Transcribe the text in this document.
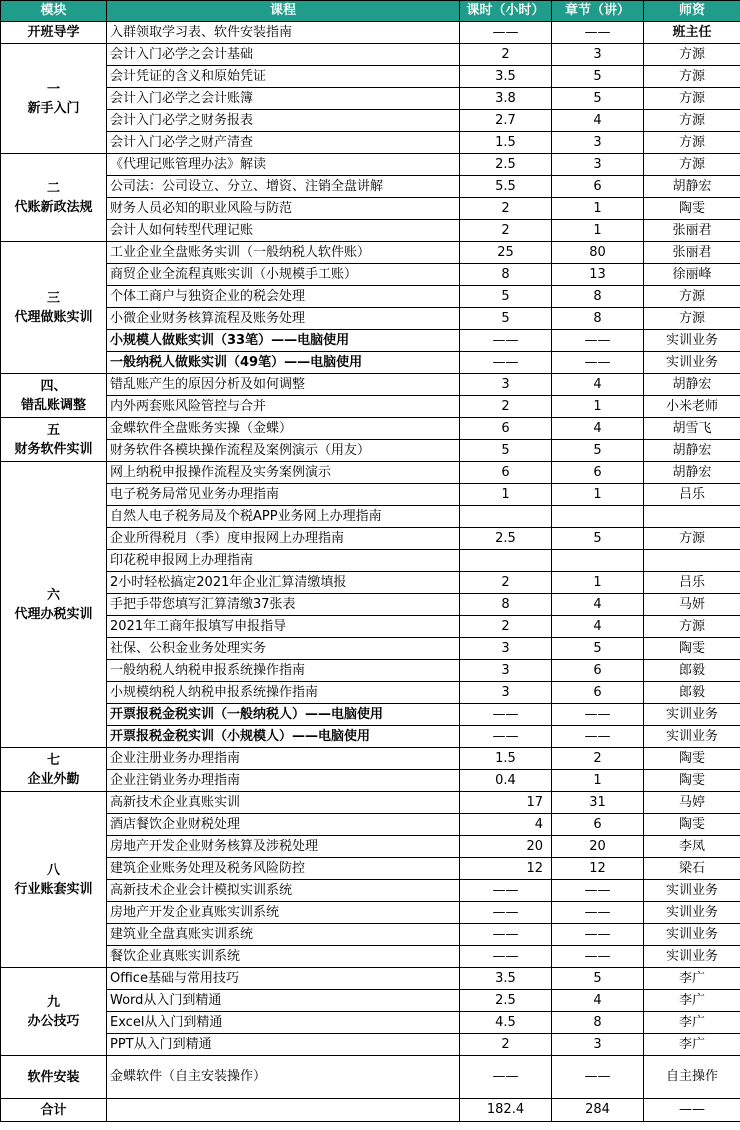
模块	课程	课时（小时）	章节（讲）	师资
开班导学	入群领取学习表、软件安装指南	——	——	班主任

一
新手入门	会计入门必学之会计基础	2	3	方源
	会计凭证的含义和原始凭证	3.5	5	方源
	会计入门必学之会计账簿	3.8	5	方源
	会计入门必学之财务报表	2.7	4	方源
	会计入门必学之财产清查	1.5	3	方源

二
代账新政法规	《代理记账管理办法》解读	2.5	3	方源
	公司法：公司设立、分立、增资、注销全盘讲解	5.5	6	胡静宏
	财务人员必知的职业风险与防范	2	1	陶雯
	会计人如何转型代理记账	2	1	张丽君

三
代理做账实训	工业企业全盘账务实训（一般纳税人软件账）	25	80	张丽君
	商贸企业全流程真账实训（小规模手工账）	8	13	徐丽峰
	个体工商户与独资企业的税会处理	5	8	方源
	小微企业财务核算流程及账务处理	5	8	方源
	小规模人做账实训（33笔）——电脑使用	——	——	实训业务
	一般纳税人做账实训（49笔）——电脑使用	——	——	实训业务

四、
错乱账调整	错乱账产生的原因分析及如何调整	3	4	胡静宏
	内外两套账风险管控与合并	2	1	小米老师

五
财务软件实训	金蝶软件全盘账务实操（金蝶）	6	4	胡雪飞
	财务软件各模块操作流程及案例演示（用友）	5	5	胡静宏

六
代理办税实训	网上纳税申报操作流程及实务案例演示	6	6	胡静宏
	电子税务局常见业务办理指南	1	1	吕乐
	自然人电子税务局及个税APP业务网上办理指南			
	企业所得税月（季）度申报网上办理指南	2.5	5	方源
	印花税申报网上办理指南			
	2小时轻松搞定2021年企业汇算清缴填报	2	1	吕乐
	手把手带您填写汇算清缴37张表	8	4	马妍
	2021年工商年报填写申报指导	2	4	方源
	社保、公积金业务处理实务	3	5	陶雯
	一般纳税人纳税申报系统操作指南	3	6	郎毅
	小规模纳税人纳税申报系统操作指南	3	6	郎毅
	开票报税金税实训（一般纳税人）——电脑使用	——	——	实训业务
	开票报税金税实训（小规模人）——电脑使用	——	——	实训业务

七
企业外勤	企业注册业务办理指南	1.5	2	陶雯
	企业注销业务办理指南	0.4	1	陶雯

八
行业账套实训	高新技术企业真账实训	17	31	马婷
	酒店餐饮企业财税处理	4	6	陶雯
	房地产开发企业财务核算及涉税处理	20	20	李凤
	建筑企业账务处理及税务风险防控	12	12	梁石
	高新技术企业会计模拟实训系统	——	——	实训业务
	房地产开发企业真账实训系统	——	——	实训业务
	建筑业全盘真账实训系统	——	——	实训业务
	餐饮企业真账实训系统	——	——	实训业务

九
办公技巧	Office基础与常用技巧	3.5	5	李广
	Word从入门到精通	2.5	4	李广
	Excel从入门到精通	4.5	8	李广
	PPT从入门到精通	2	3	李广
软件安装	金蝶软件（自主安装操作）	——	——	自主操作
合计		182.4	284	——
